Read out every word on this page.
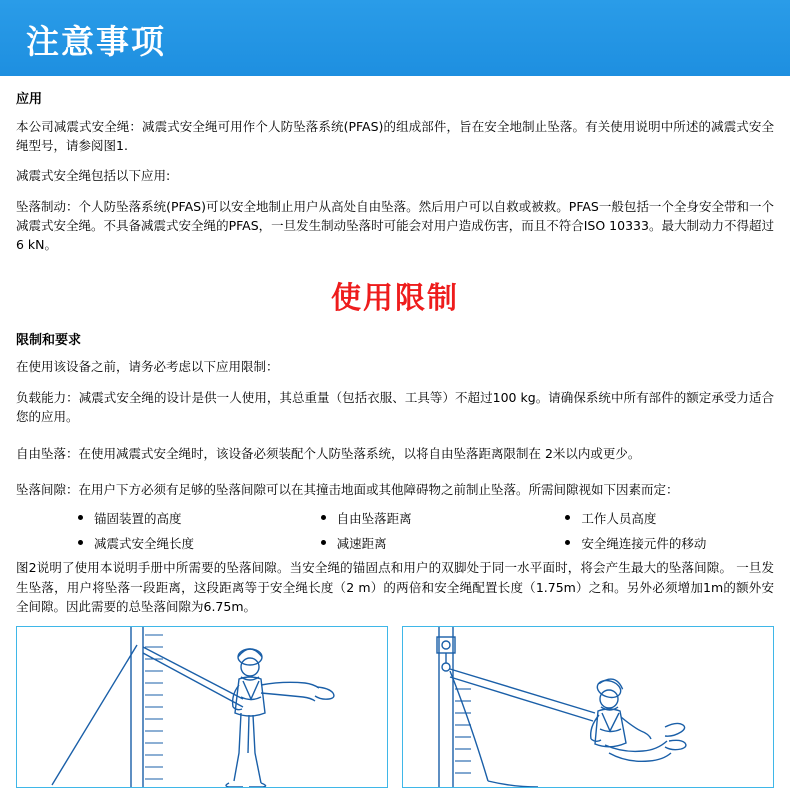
注意事项
应用

本公司减震式安全绳：减震式安全绳可用作个人防坠落系统(PFAS)的组成部件，旨在安全地制止坠落。有关使用说明中所述的减震式安全绳型号，请参阅图1.

减震式安全绳包括以下应用:

坠落制动：个人防坠落系统(PFAS)可以安全地制止用户从高处自由坠落。然后用户可以自救或被救。PFAS一般包括一个全身安全带和一个减震式安全绳。不具备减震式安全绳的PFAS，一旦发生制动坠落时可能会对用户造成伤害，而且不符合ISO 10333。最大制动力不得超过6 kN。

使用限制
限制和要求

在使用该设备之前，请务必考虑以下应用限制：

负载能力：减震式安全绳的设计是供一人使用，其总重量（包括衣服、工具等）不超过100 kg。请确保系统中所有部件的额定承受力适合您的应用。

自由坠落：在使用减震式安全绳时，该设备必须装配个人防坠落系统，以将自由坠落距离限制在 2米以内或更少。

坠落间隙：在用户下方必须有足够的坠落间隙可以在其撞击地面或其他障碍物之前制止坠落。所需间隙视如下因素而定：

锚固装置的高度	自由坠落距离	工作人员高度
减震式安全绳长度	减速距离	安全绳连接元件的移动

图2说明了使用本说明手册中所需要的坠落间隙。当安全绳的锚固点和用户的双脚处于同一水平面时，将会产生最大的坠落间隙。 一旦发生坠落，用户将坠落一段距离，这段距离等于安全绳长度（2 m）的两倍和安全绳配置长度（1.75m）之和。另外必须增加1m的额外安全间隙。因此需要的总坠落间隙为6.75m。
